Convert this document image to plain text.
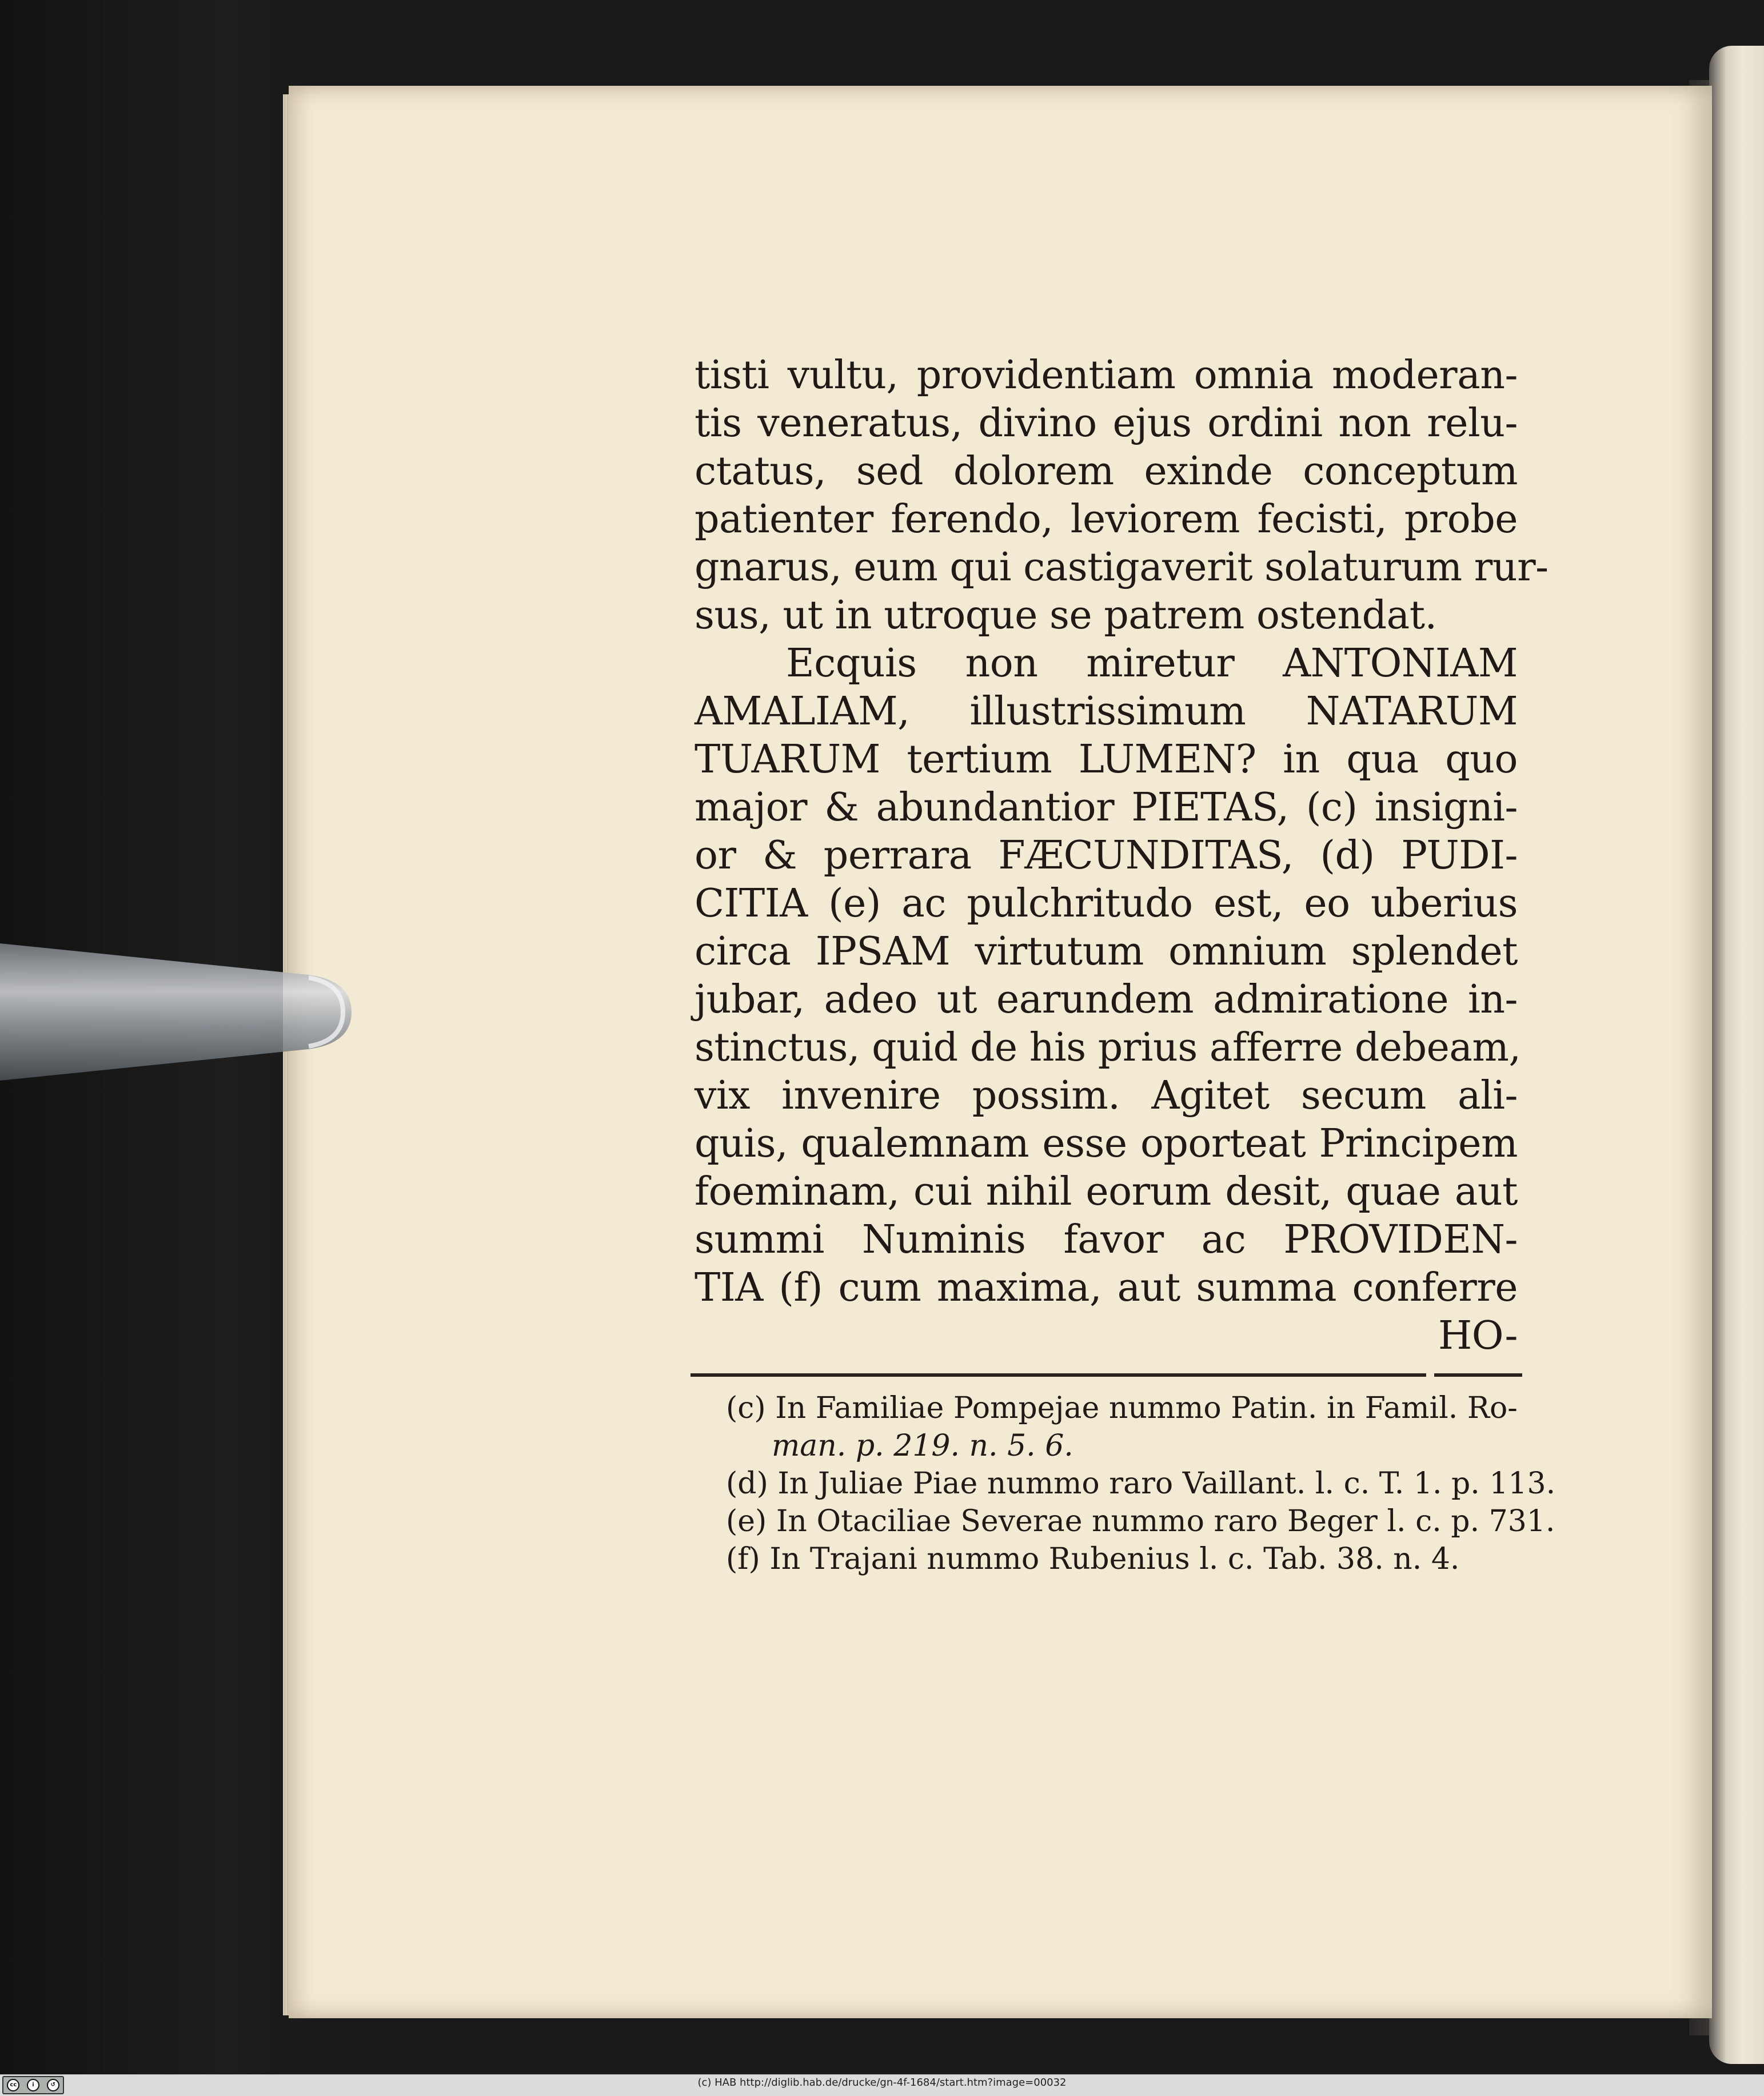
tisti vultu, providentiam omnia moderan-
tis veneratus, divino ejus ordini non relu-
ctatus, sed dolorem exinde conceptum
patienter ferendo, leviorem fecisti, probe
gnarus, eum qui castigaverit solaturum rur-
sus, ut in utroque se patrem ostendat.
Ecquis non miretur ANTONIAM
AMALIAM, illustrissimum NATARUM
TUARUM tertium LUMEN? in qua quo
major & abundantior PIETAS, (c) insigni-
or & perrara FÆCUNDITAS, (d) PUDI-
CITIA (e) ac pulchritudo est, eo uberius
circa IPSAM virtutum omnium splendet
jubar, adeo ut earundem admiratione in-
stinctus, quid de his prius afferre debeam,
vix invenire possim. Agitet secum ali-
quis, qualemnam esse oporteat Principem
foeminam, cui nihil eorum desit, quae aut
summi Numinis favor ac PROVIDEN-
TIA (f) cum maxima, aut summa conferre
HO-
(c) In Familiae Pompejae nummo Patin. in Famil. Ro-
man. p. 219. n. 5. 6.
(d) In Juliae Piae nummo raro Vaillant. l. c. T. 1. p. 113.
(e) In Otaciliae Severae nummo raro Beger l. c. p. 731.
(f) In Trajani nummo Rubenius l. c. Tab. 38. n. 4.
cc	i	↺	(c) HAB http://diglib.hab.de/drucke/gn-4f-1684/start.htm?image=00032
